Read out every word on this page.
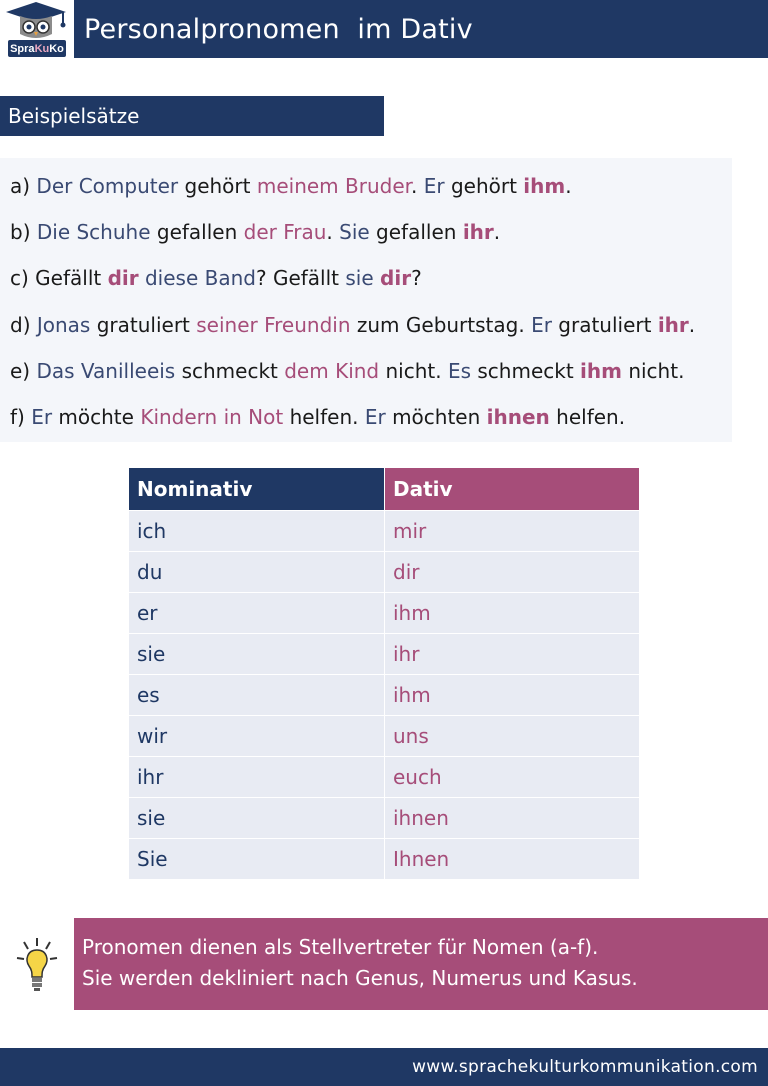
Spra Ku Ko
Personalpronomen  im Dativ
Beispielsätze
a) Der Computer gehört meinem Bruder. Er gehört ihm.
b) Die Schuhe gefallen der Frau. Sie gefallen ihr.
c) Gefällt dir diese Band? Gefällt sie dir?
d) Jonas gratuliert seiner Freundin zum Geburtstag. Er gratuliert ihr.
e) Das Vanilleeis schmeckt dem Kind nicht. Es schmeckt ihm nicht.
f) Er möchte Kindern in Not helfen. Er möchten ihnen helfen.
Nominativ	Dativ
ich	mir
du	dir
er	ihm
sie	ihr
es	ihm
wir	uns
ihr	euch
sie	ihnen
Sie	Ihnen
Pronomen dienen als Stellvertreter für Nomen (a-f).
Sie werden dekliniert nach Genus, Numerus und Kasus.
www.sprachekulturkommunikation.com
